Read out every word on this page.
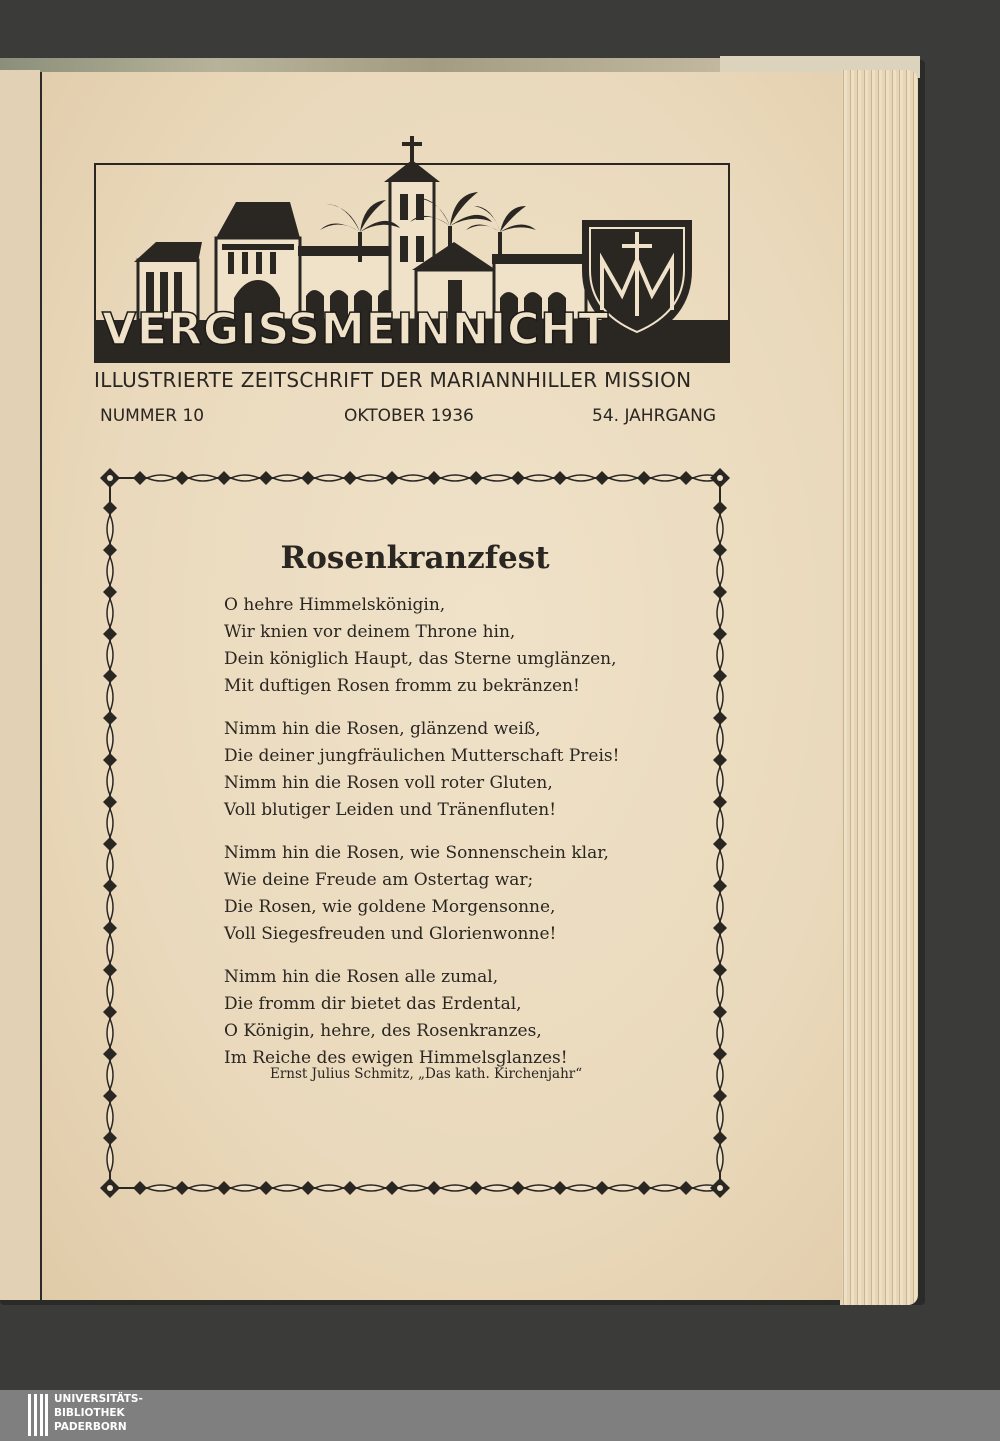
VERGISSMEINNICHT
ILLUSTRIERTE ZEITSCHRIFT DER MARIANNHILLER MISSION
NUMMER 10	OKTOBER 1936	54. JAHRGANG
Rosenkranzfest
O hehre Himmelskönigin,
Wir knien vor deinem Throne hin,
Dein königlich Haupt, das Sterne umglänzen,
Mit duftigen Rosen fromm zu bekränzen!
Nimm hin die Rosen, glänzend weiß,
Die deiner jungfräulichen Mutterschaft Preis!
Nimm hin die Rosen voll roter Gluten,
Voll blutiger Leiden und Tränenfluten!
Nimm hin die Rosen, wie Sonnenschein klar,
Wie deine Freude am Ostertag war;
Die Rosen, wie goldene Morgensonne,
Voll Siegesfreuden und Glorienwonne!
Nimm hin die Rosen alle zumal,
Die fromm dir bietet das Erdental,
O Königin, hehre, des Rosenkranzes,
Im Reiche des ewigen Himmelsglanzes!
Ernst Julius Schmitz, „Das kath. Kirchenjahr“
UNIVERSITÄTS-
BIBLIOTHEK
PADERBORN
